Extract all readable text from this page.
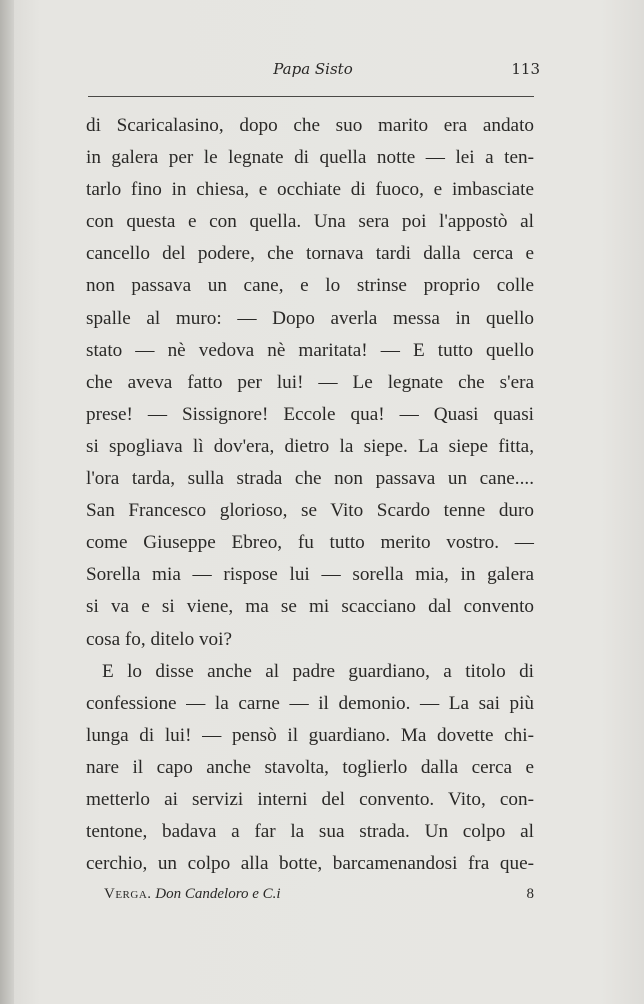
Papa Sisto	113
di Scaricalasino, dopo che suo marito era andato
in galera per le legnate di quella notte — lei a ten-
tarlo fino in chiesa, e occhiate di fuoco, e imbasciate
con questa e con quella. Una sera poi l'appostò al
cancello del podere, che tornava tardi dalla cerca e
non passava un cane, e lo strinse proprio colle
spalle al muro: — Dopo averla messa in quello
stato — nè vedova nè maritata! — E tutto quello
che aveva fatto per lui! — Le legnate che s'era
prese! — Sissignore! Eccole qua! — Quasi quasi
si spogliava lì dov'era, dietro la siepe. La siepe fitta,
l'ora tarda, sulla strada che non passava un cane....
San Francesco glorioso, se Vito Scardo tenne duro
come Giuseppe Ebreo, fu tutto merito vostro. —
Sorella mia — rispose lui — sorella mia, in galera
si va e si viene, ma se mi scacciano dal convento
cosa fo, ditelo voi?
E lo disse anche al padre guardiano, a titolo di
confessione — la carne — il demonio. — La sai più
lunga di lui! — pensò il guardiano. Ma dovette chi-
nare il capo anche stavolta, toglierlo dalla cerca e
metterlo ai servizi interni del convento. Vito, con-
tentone, badava a far la sua strada. Un colpo al
cerchio, un colpo alla botte, barcamenandosi fra que-
Verga. Don Candeloro e C.i	8
